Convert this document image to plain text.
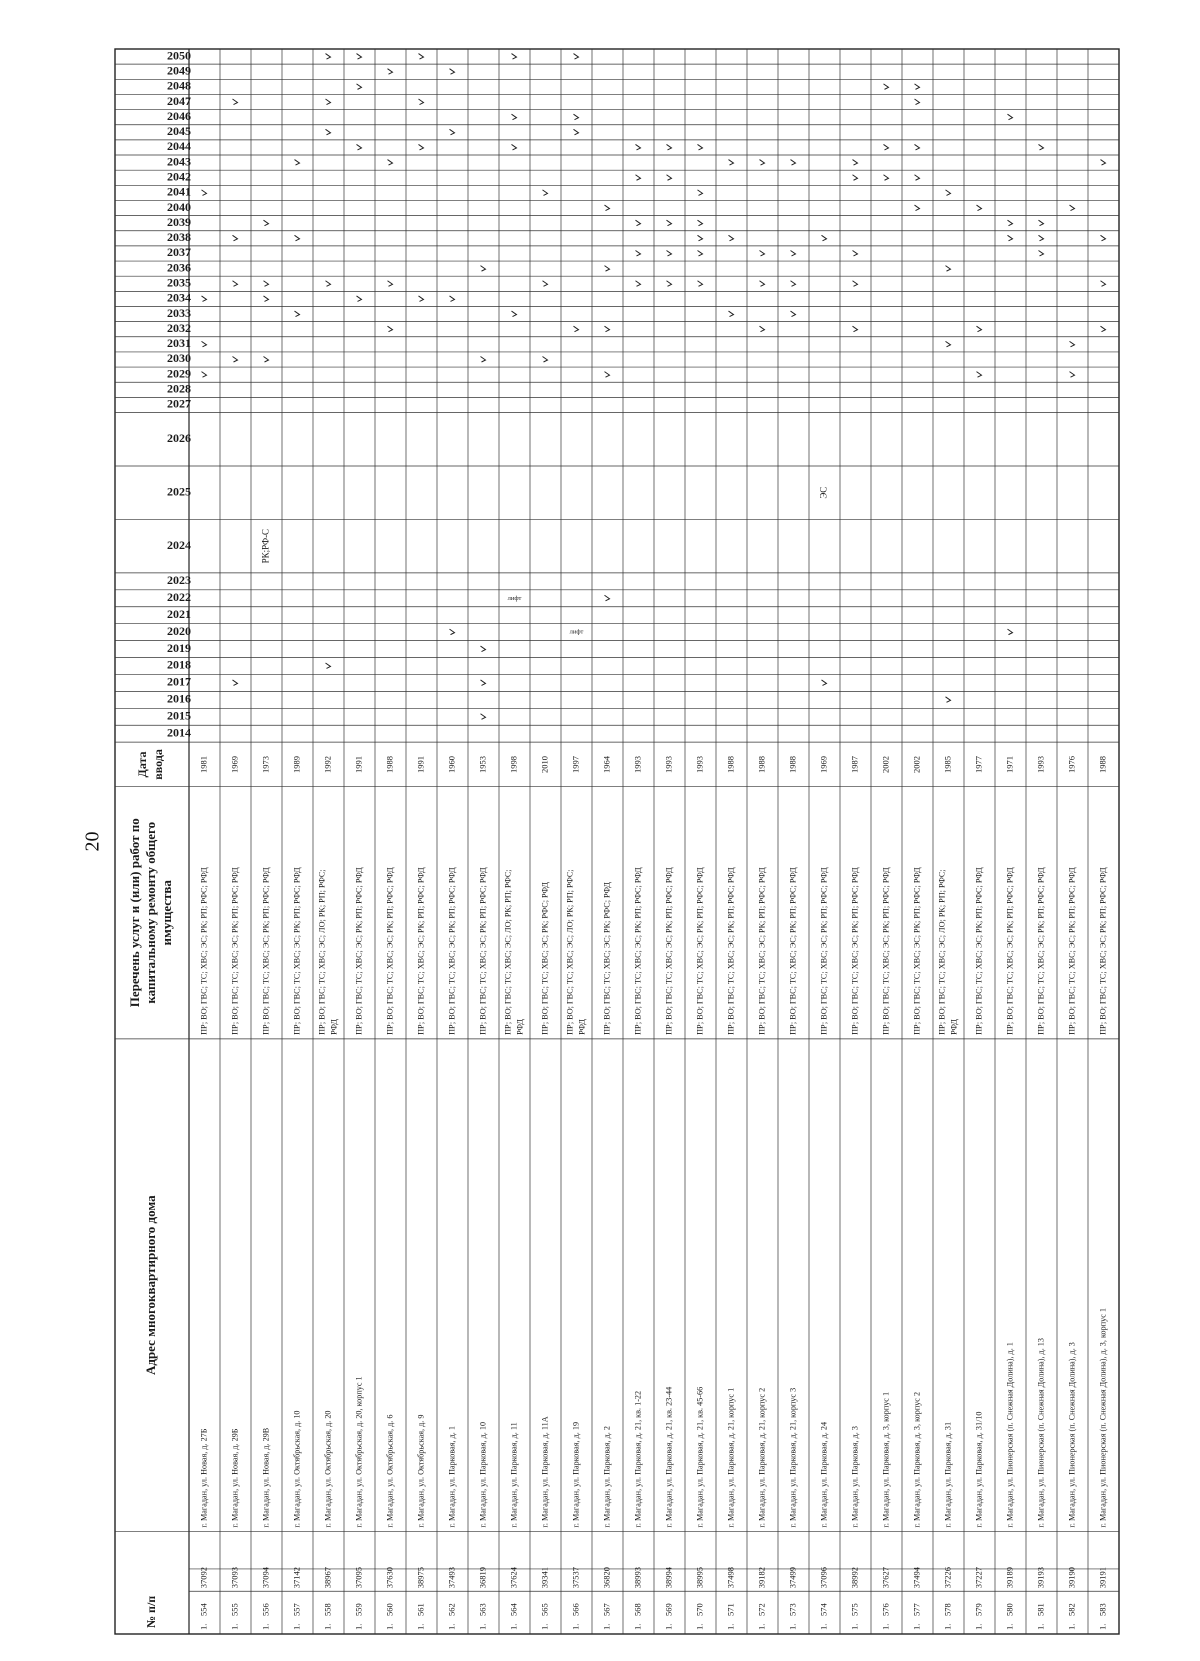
20
№ п/п
Адрес многоквартирного дома
Перечень услуг и (или) работ по капитальному ремонту общего имущества
Дата ввода
2014
2015
2016
2017
2018
2019
2020
2021
2022
2023
2024
2025
2026
2027
2028
2029
2030
2031
2032
2033
2034
2035
2036
2037
2038
2039
2040
2041
2042
2043
2044
2045
2046
2047
2048
2049
2050
1.
554
37092
г. Магадан, ул. Новая, д. 27Б
ПР; ВО; ГВС; ТС; ХВС; ЭС; РК; РП; РФС; РФД
1981
1.
555
37093
г. Магадан, ул. Новая, д. 29Б
ПР; ВО; ГВС; ТС; ХВС; ЭС; РК; РП; РФС; РФД
1969
1.
556
37094
г. Магадан, ул. Новая, д. 29В
ПР; ВО; ГВС; ТС; ХВС; ЭС; РК; РП; РФС; РФД
1973
РК;РФ-С
1.
557
37142
г. Магадан, ул. Октябрьская, д. 10
ПР; ВО; ГВС; ТС; ХВС; ЭС; РК; РП; РФС; РФД
1989
1.
558
38967
г. Магадан, ул. Октябрьская, д. 20
ПР; ВО; ГВС; ТС; ХВС; ЭС; ЛО; РК; РП; РФС; РФД
1992
1.
559
37095
г. Магадан, ул. Октябрьская, д. 20, корпус 1
ПР; ВО; ГВС; ТС; ХВС; ЭС; РК; РП; РФС; РФД
1991
1.
560
37630
г. Магадан, ул. Октябрьская, д. 6
ПР; ВО; ГВС; ТС; ХВС; ЭС; РК; РП; РФС; РФД
1988
1.
561
38975
г. Магадан, ул. Октябрьская, д. 9
ПР; ВО; ГВС; ТС; ХВС; ЭС; РК; РП; РФС; РФД
1991
1.
562
37493
г. Магадан, ул. Парковая, д. 1
ПР; ВО; ГВС; ТС; ХВС; ЭС; РК; РП; РФС; РФД
1960
1.
563
36819
г. Магадан, ул. Парковая, д. 10
ПР; ВО; ГВС; ТС; ХВС; ЭС; РК; РП; РФС; РФД
1953
1.
564
37624
г. Магадан, ул. Парковая, д. 11
ПР; ВО; ГВС; ТС; ХВС; ЭС; ЛО; РК; РП; РФС; РФД
1998
лифт
1.
565
39341
г. Магадан, ул. Парковая, д. 11А
ПР; ВО; ГВС; ТС; ХВС; ЭС; РК; РФС; РФД
2010
1.
566
37537
г. Магадан, ул. Парковая, д. 19
ПР; ВО; ГВС; ТС; ХВС; ЭС; ЛО; РК; РП; РФС; РФД
1997
лифт
1.
567
36820
г. Магадан, ул. Парковая, д. 2
ПР; ВО; ГВС; ТС; ХВС; ЭС; РК; РФС; РФД
1964
1.
568
38993
г. Магадан, ул. Парковая, д. 21, кв. 1-22
ПР; ВО; ГВС; ТС; ХВС; ЭС; РК; РП; РФС; РФД
1993
1.
569
38994
г. Магадан, ул. Парковая, д. 21, кв. 23-44
ПР; ВО; ГВС; ТС; ХВС; ЭС; РК; РП; РФС; РФД
1993
1.
570
38995
г. Магадан, ул. Парковая, д. 21, кв. 45-66
ПР; ВО; ГВС; ТС; ХВС; ЭС; РК; РП; РФС; РФД
1993
1.
571
37498
г. Магадан, ул. Парковая, д. 21, корпус 1
ПР; ВО; ГВС; ТС; ХВС; ЭС; РК; РП; РФС; РФД
1988
1.
572
39182
г. Магадан, ул. Парковая, д. 21, корпус 2
ПР; ВО; ГВС; ТС; ХВС; ЭС; РК; РП; РФС; РФД
1988
1.
573
37499
г. Магадан, ул. Парковая, д. 21, корпус 3
ПР; ВО; ГВС; ТС; ХВС; ЭС; РК; РП; РФС; РФД
1988
1.
574
37096
г. Магадан, ул. Парковая, д. 24
ПР; ВО; ГВС; ТС; ХВС; ЭС; РК; РП; РФС; РФД
1969
ЭС
1.
575
38992
г. Магадан, ул. Парковая, д. 3
ПР; ВО; ГВС; ТС; ХВС; ЭС; РК; РП; РФС; РФД
1987
1.
576
37627
г. Магадан, ул. Парковая, д. 3, корпус 1
ПР; ВО; ГВС; ТС; ХВС; ЭС; РК; РП; РФС; РФД
2002
1.
577
37494
г. Магадан, ул. Парковая, д. 3, корпус 2
ПР; ВО; ГВС; ТС; ХВС; ЭС; РК; РП; РФС; РФД
2002
1.
578
37226
г. Магадан, ул. Парковая, д. 31
ПР; ВО; ГВС; ТС; ХВС; ЭС; ЛО; РК; РП; РФС; РФД
1985
1.
579
37227
г. Магадан, ул. Парковая, д. 31/10
ПР; ВО; ГВС; ТС; ХВС; ЭС; РК; РП; РФС; РФД
1977
1.
580
39189
г. Магадан, ул. Пионерская (п. Снежная Долина), д. 1
ПР; ВО; ГВС; ТС; ХВС; ЭС; РК; РП; РФС; РФД
1971
1.
581
39193
г. Магадан, ул. Пионерская (п. Снежная Долина), д. 13
ПР; ВО; ГВС; ТС; ХВС; ЭС; РК; РП; РФС; РФД
1993
1.
582
39190
г. Магадан, ул. Пионерская (п. Снежная Долина), д. 3
ПР; ВО; ГВС; ТС; ХВС; ЭС; РК; РП; РФС; РФД
1976
1.
583
39191
г. Магадан, ул. Пионерская (п. Снежная Долина), д. 3, корпус 1
ПР; ВО; ГВС; ТС; ХВС; ЭС; РК; РП; РФС; РФД
1988
